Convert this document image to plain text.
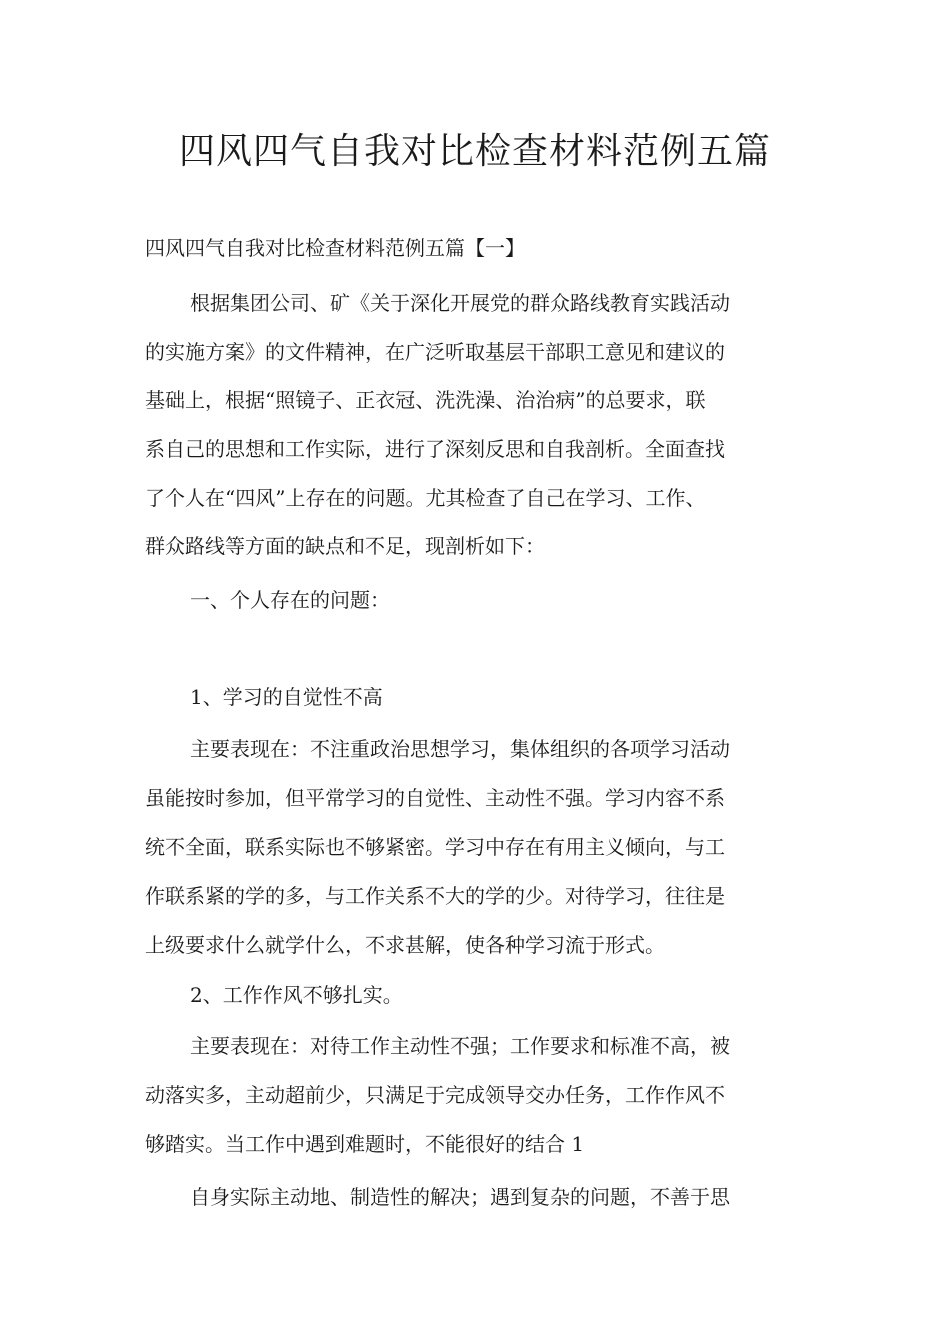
四风四气自我对比检查材料范例五篇

四风四气自我对比检查材料范例五篇【一】

根据集团公司、矿《关于深化开展党的群众路线教育实践活动

的实施方案》的文件精神，在广泛听取基层干部职工意见和建议的

基础上，根据“照镜子、正衣冠、洗洗澡、治治病”的总要求，联

系自己的思想和工作实际，进行了深刻反思和自我剖析。全面查找

了个人在“四风”上存在的问题。尤其检查了自己在学习、工作、

群众路线等方面的缺点和不足，现剖析如下：

一、个人存在的问题：

1、学习的自觉性不高

主要表现在：不注重政治思想学习，集体组织的各项学习活动

虽能按时参加，但平常学习的自觉性、主动性不强。学习内容不系

统不全面，联系实际也不够紧密。学习中存在有用主义倾向，与工

作联系紧的学的多，与工作关系不大的学的少。对待学习，往往是

上级要求什么就学什么，不求甚解，使各种学习流于形式。

2、工作作风不够扎实。

主要表现在：对待工作主动性不强；工作要求和标准不高，被

动落实多，主动超前少，只满足于完成领导交办任务，工作作风不

够踏实。当工作中遇到难题时，不能很好的结合 1

自身实际主动地、制造性的解决；遇到复杂的问题，不善于思
